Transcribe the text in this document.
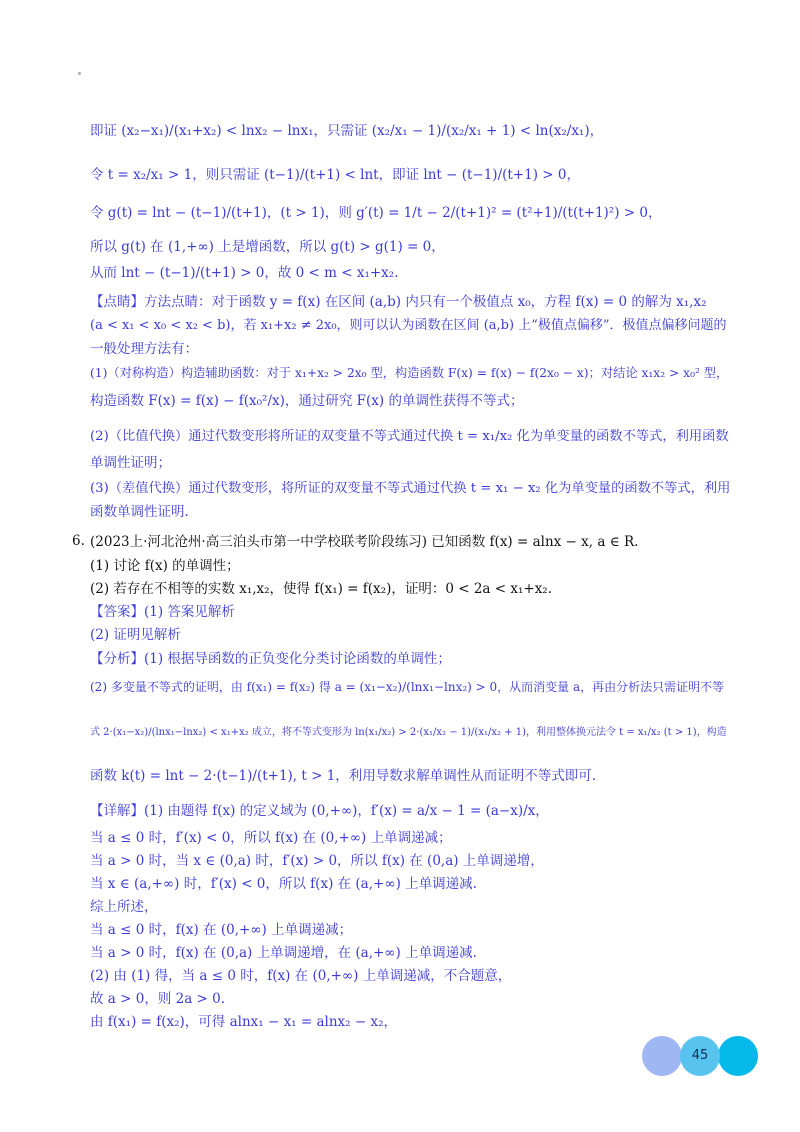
即证 (x₂−x₁)/(x₁+x₂) < lnx₂ − lnx₁，只需证 (x₂/x₁ − 1)/(x₂/x₁ + 1) < ln(x₂/x₁)，
令 t = x₂/x₁ > 1，则只需证 (t−1)/(t+1) < lnt，即证 lnt − (t−1)/(t+1) > 0，
令 g(t) = lnt − (t−1)/(t+1)，(t > 1)，则 g′(t) = 1/t − 2/(t+1)² = (t²+1)/(t(t+1)²) > 0，
所以 g(t) 在 (1,+∞) 上是增函数，所以 g(t) > g(1) = 0，
从而 lnt − (t−1)/(t+1) > 0，故 0 < m < x₁+x₂.
【点睛】方法点睛：对于函数 y = f(x) 在区间 (a,b) 内只有一个极值点 x₀，方程 f(x) = 0 的解为 x₁,x₂
(a < x₁ < x₀ < x₂ < b)，若 x₁+x₂ ≠ 2x₀，则可以认为函数在区间 (a,b) 上“极值点偏移”．极值点偏移问题的
一般处理方法有：
(1)（对称构造）构造辅助函数：对于 x₁+x₂ > 2x₀ 型，构造函数 F(x) = f(x) − f(2x₀ − x)；对结论 x₁x₂ > x₀² 型，
构造函数 F(x) = f(x) − f(x₀²/x)，通过研究 F(x) 的单调性获得不等式；
(2)（比值代换）通过代数变形将所证的双变量不等式通过代换 t = x₁/x₂ 化为单变量的函数不等式，利用函数
单调性证明；
(3)（差值代换）通过代数变形，将所证的双变量不等式通过代换 t = x₁ − x₂ 化为单变量的函数不等式，利用
函数单调性证明.
6. (2023上·河北沧州·高三泊头市第一中学校联考阶段练习) 已知函数 f(x) = alnx − x, a ∈ R.
(1) 讨论 f(x) 的单调性；
(2) 若存在不相等的实数 x₁,x₂，使得 f(x₁) = f(x₂)，证明：0 < 2a < x₁+x₂.
【答案】(1) 答案见解析
(2) 证明见解析
【分析】(1) 根据导函数的正负变化分类讨论函数的单调性；
(2) 多变量不等式的证明，由 f(x₁) = f(x₂) 得 a = (x₁−x₂)/(lnx₁−lnx₂) > 0，从而消变量 a，再由分析法只需证明不等
式 2·(x₁−x₂)/(lnx₁−lnx₂) < x₁+x₂ 成立，将不等式变形为 ln(x₁/x₂) > 2·(x₁/x₂ − 1)/(x₁/x₂ + 1)，利用整体换元法令 t = x₁/x₂ (t > 1)，构造
函数 k(t) = lnt − 2·(t−1)/(t+1), t > 1，利用导数求解单调性从而证明不等式即可.
【详解】(1) 由题得 f(x) 的定义域为 (0,+∞)，f′(x) = a/x − 1 = (a−x)/x，
当 a ≤ 0 时，f′(x) < 0，所以 f(x) 在 (0,+∞) 上单调递减；
当 a > 0 时，当 x ∈ (0,a) 时，f′(x) > 0，所以 f(x) 在 (0,a) 上单调递增，
当 x ∈ (a,+∞) 时，f′(x) < 0，所以 f(x) 在 (a,+∞) 上单调递减.
综上所述，
当 a ≤ 0 时，f(x) 在 (0,+∞) 上单调递减；
当 a > 0 时，f(x) 在 (0,a) 上单调递增，在 (a,+∞) 上单调递减.
(2) 由 (1) 得，当 a ≤ 0 时，f(x) 在 (0,+∞) 上单调递减，不合题意，
故 a > 0，则 2a > 0.
由 f(x₁) = f(x₂)，可得 alnx₁ − x₁ = alnx₂ − x₂，
45
